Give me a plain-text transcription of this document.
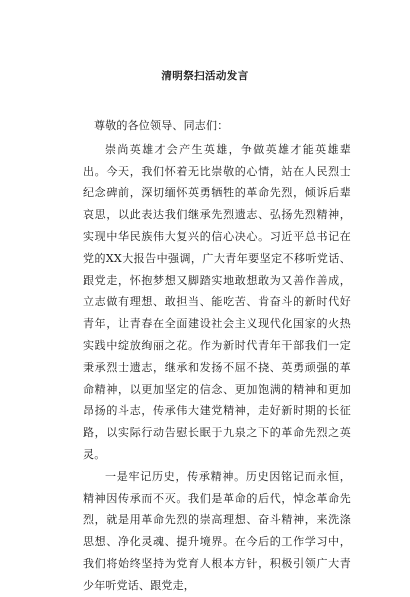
清明祭扫活动发言

尊敬的各位领导、同志们：

崇尚英雄才会产生英雄，争做英雄才能英雄辈出。今天，我们怀着无比崇敬的心情，站在人民烈士纪念碑前，深切缅怀英勇牺牲的革命先烈，倾诉后辈哀思，以此表达我们继承先烈遗志、弘扬先烈精神，实现中华民族伟大复兴的信心决心。习近平总书记在党的XX大报告中强调，广大青年要坚定不移听党话、跟党走，怀抱梦想又脚踏实地敢想敢为又善作善成，立志做有理想、敢担当、能吃苦、肯奋斗的新时代好青年，让青春在全面建设社会主义现代化国家的火热实践中绽放绚丽之花。作为新时代青年干部我们一定秉承烈士遗志，继承和发扬不屈不挠、英勇顽强的革命精神，以更加坚定的信念、更加饱满的精神和更加昂扬的斗志，传承伟大建党精神，走好新时期的长征路，以实际行动告慰长眠于九泉之下的革命先烈之英灵。

一是牢记历史，传承精神。历史因铭记而永恒，精神因传承而不灭。我们是革命的后代，悼念革命先烈，就是用革命先烈的崇高理想、奋斗精神，来洗涤思想、净化灵魂、提升境界。在今后的工作学习中，我们将始终坚持为党育人根本方针，积极引领广大青少年听党话、跟党走，
